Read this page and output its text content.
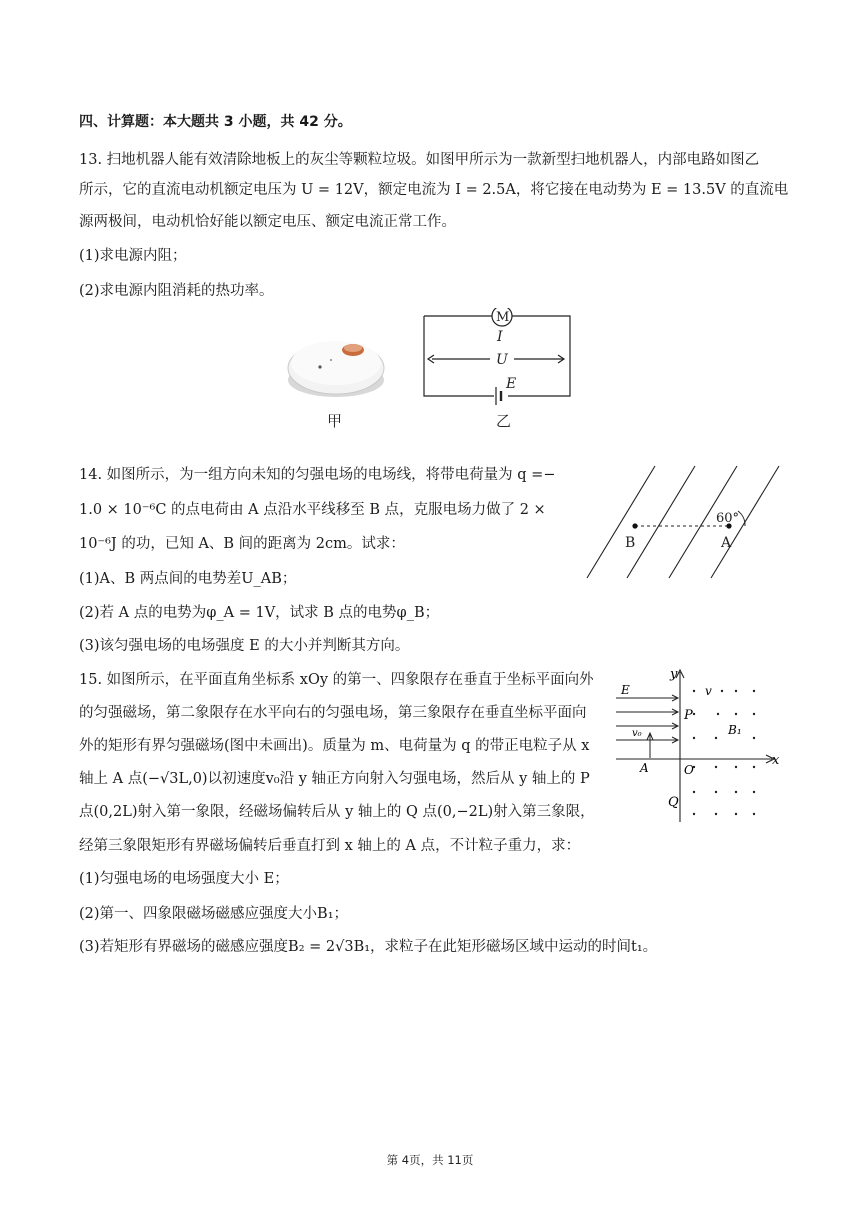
四、计算题：本大题共 3 小题，共 42 分。
13. 扫地机器人能有效清除地板上的灰尘等颗粒垃圾。如图甲所示为一款新型扫地机器人，内部电路如图乙
所示，它的直流电动机额定电压为 U = 12V，额定电流为 I = 2.5A，将它接在电动势为 E = 13.5V 的直流电
源两极间，电动机恰好能以额定电压、额定电流正常工作。
(1)求电源内阻；
(2)求电源内阻消耗的热功率。
甲
M
I
U
E
乙
14. 如图所示，为一组方向未知的匀强电场的电场线，将带电荷量为 q =−
1.0 × 10⁻⁶C 的点电荷由 A 点沿水平线移至 B 点，克服电场力做了 2 ×
10⁻⁶J 的功，已知 A、B 间的距离为 2cm。试求：
(1)A、B 两点间的电势差U_AB；
(2)若 A 点的电势为φ_A = 1V，试求 B 点的电势φ_B；
(3)该匀强电场的电场强度 E 的大小并判断其方向。
60°
B	A
15. 如图所示，在平面直角坐标系 xOy 的第一、四象限存在垂直于坐标平面向外
的匀强磁场，第二象限存在水平向右的匀强电场，第三象限存在垂直坐标平面向
外的矩形有界匀强磁场(图中未画出)。质量为 m、电荷量为 q 的带正电粒子从 x
轴上 A 点(−√3L,0)以初速度v₀沿 y 轴正方向射入匀强电场，然后从 y 轴上的 P
点(0,2L)射入第一象限，经磁场偏转后从 y 轴上的 Q 点(0,−2L)射入第三象限，
经第三象限矩形有界磁场偏转后垂直打到 x 轴上的 A 点，不计粒子重力，求：
(1)匀强电场的电场强度大小 E；
(2)第一、四象限磁场磁感应强度大小B₁；
(3)若矩形有界磁场的磁感应强度B₂ = 2√3B₁，求粒子在此矩形磁场区域中运动的时间t₁。
y
x
E
v₀
v
P
B₁
A	O
Q
第 4页，共 11页
